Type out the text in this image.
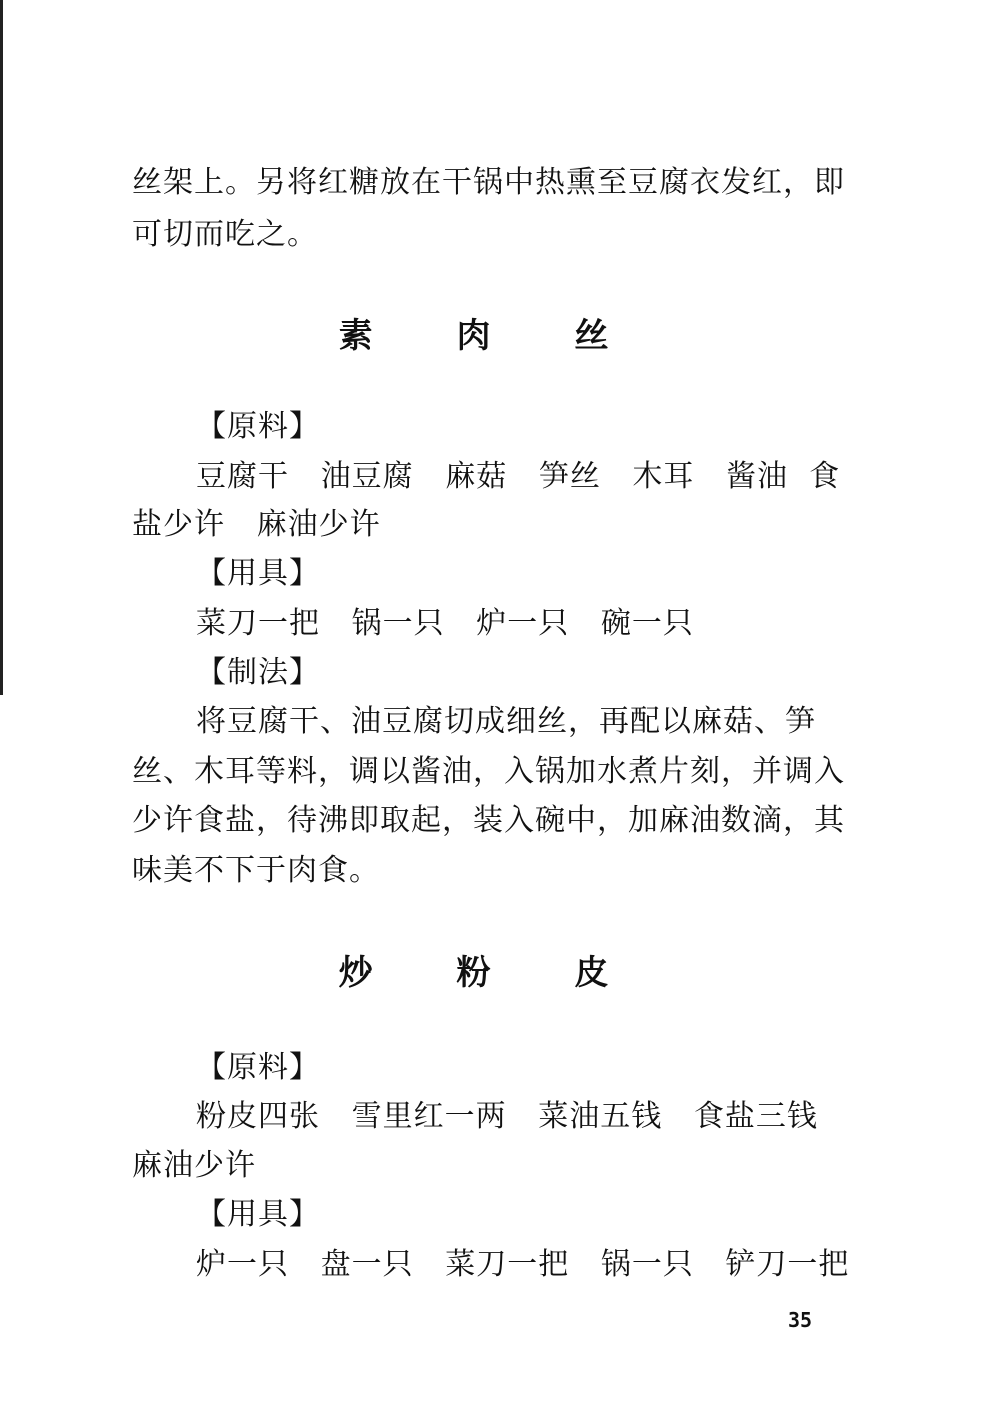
丝架上。另将红糖放在干锅中热熏至豆腐衣发红，即
可切而吃之。
素 肉 丝
【原料】
豆腐干   油豆腐   麻菇   笋丝   木耳   酱油  食
盐少许   麻油少许
【用具】
菜刀一把   锅一只   炉一只   碗一只
【制法】
将豆腐干、油豆腐切成细丝，再配以麻菇、笋
丝、木耳等料，调以酱油，入锅加水煮片刻，并调入
少许食盐，待沸即取起，装入碗中，加麻油数滴，其
味美不下于肉食。
炒 粉 皮
【原料】
粉皮四张   雪里红一两   菜油五钱   食盐三钱
麻油少许
【用具】
炉一只   盘一只   菜刀一把   锅一只   铲刀一把
35
